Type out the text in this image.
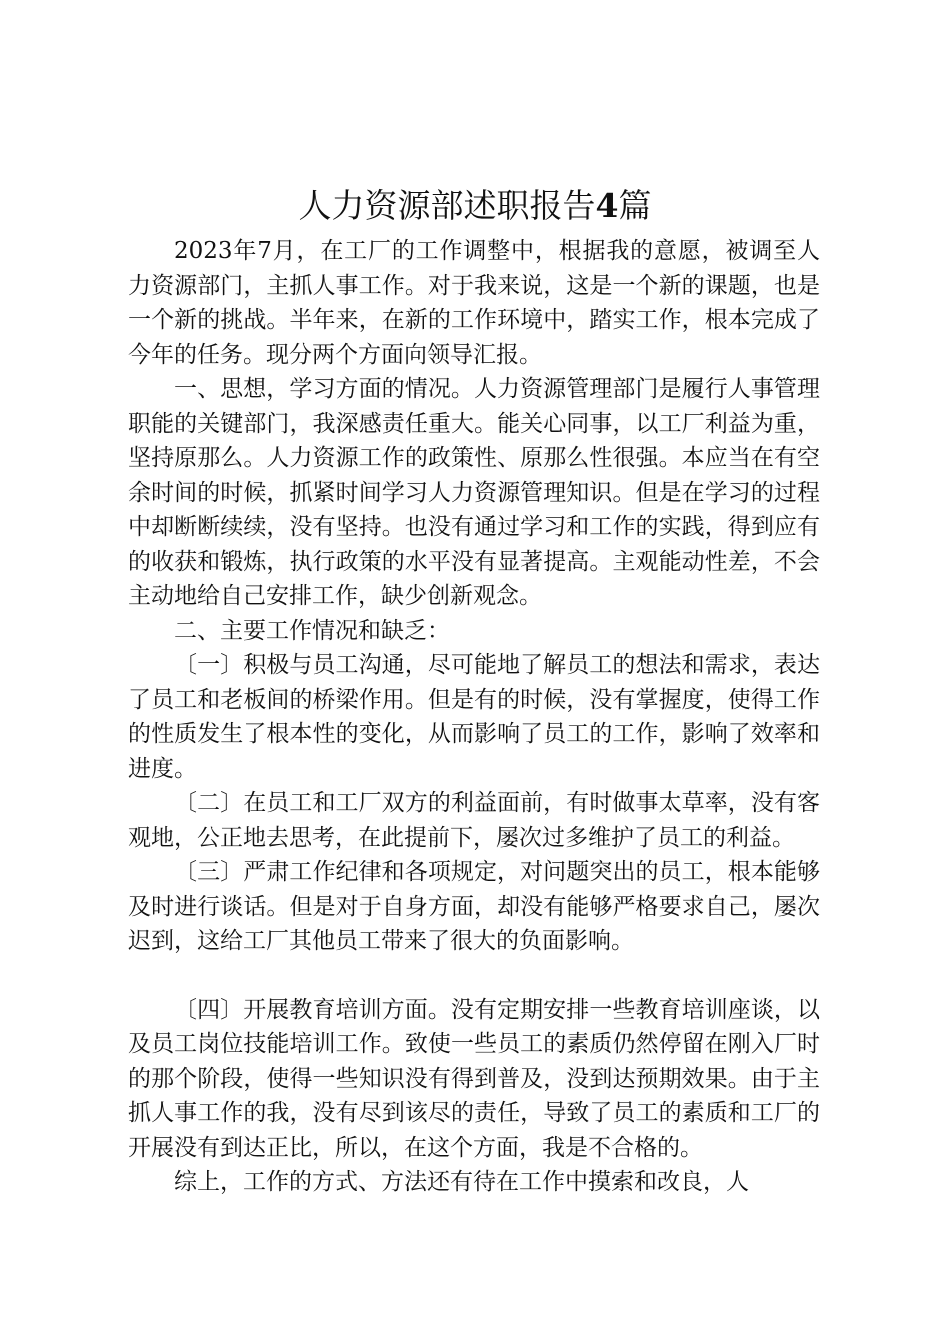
人力资源部述职报告4篇

2023年7月，在工厂的工作调整中，根据我的意愿，被调至人力资源部门，主抓人事工作。对于我来说，这是一个新的课题，也是一个新的挑战。半年来，在新的工作环境中，踏实工作，根本完成了今年的任务。现分两个方面向领导汇报。

一、思想，学习方面的情况。人力资源管理部门是履行人事管理职能的关键部门，我深感责任重大。能关心同事，以工厂利益为重，坚持原那么。人力资源工作的政策性、原那么性很强。本应当在有空余时间的时候，抓紧时间学习人力资源管理知识。但是在学习的过程中却断断续续，没有坚持。也没有通过学习和工作的实践，得到应有的收获和锻炼，执行政策的水平没有显著提高。主观能动性差，不会主动地给自己安排工作，缺少创新观念。

二、主要工作情况和缺乏：

〔一〕积极与员工沟通，尽可能地了解员工的想法和需求，表达了员工和老板间的桥梁作用。但是有的时候，没有掌握度，使得工作的性质发生了根本性的变化，从而影响了员工的工作，影响了效率和进度。

〔二〕在员工和工厂双方的利益面前，有时做事太草率，没有客观地，公正地去思考，在此提前下，屡次过多维护了员工的利益。

〔三〕严肃工作纪律和各项规定，对问题突出的员工，根本能够及时进行谈话。但是对于自身方面，却没有能够严格要求自己，屡次迟到，这给工厂其他员工带来了很大的负面影响。

〔四〕开展教育培训方面。没有定期安排一些教育培训座谈，以及员工岗位技能培训工作。致使一些员工的素质仍然停留在刚入厂时的那个阶段，使得一些知识没有得到普及，没到达预期效果。由于主抓人事工作的我，没有尽到该尽的责任，导致了员工的素质和工厂的开展没有到达正比，所以，在这个方面，我是不合格的。

综上，工作的方式、方法还有待在工作中摸索和改良，人
